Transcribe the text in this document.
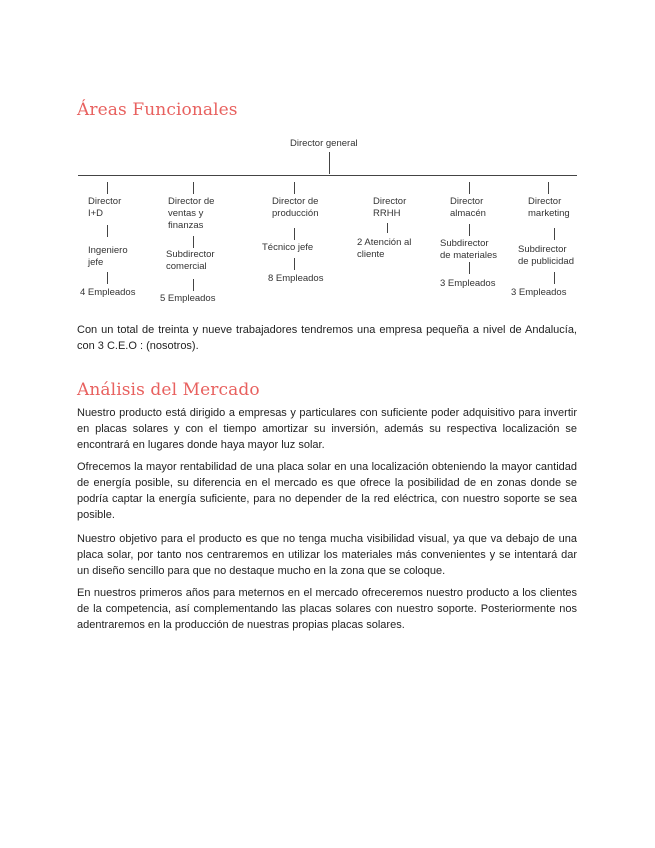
Áreas Funcionales
Director general
Director
I+D
Ingeniero
jefe
4 Empleados
Director de
ventas y
finanzas
Subdirector
comercial
5 Empleados
Director de
producción
Técnico jefe
8 Empleados
Director
RRHH
2 Atención al
cliente
Director
almacén
Subdirector
de materiales
3 Empleados
Director
marketing
Subdirector
de publicidad
3 Empleados

Con un total de treinta y nueve trabajadores tendremos una empresa pequeña a nivel de Andalucía, con 3 C.E.O : (nosotros).

Análisis del Mercado

Nuestro producto está dirigido a empresas y particulares con suficiente poder adquisitivo para invertir en placas solares y con el tiempo amortizar su inversión, además su respectiva localización se encontrará en lugares donde haya mayor luz solar.

Ofrecemos la mayor rentabilidad de una placa solar en una localización obteniendo la mayor cantidad de energía posible, su diferencia en el mercado es que ofrece la posibilidad de en zonas donde se podría captar la energía suficiente, para no depender de la red eléctrica, con nuestro soporte se sea posible.

Nuestro objetivo para el producto es que no tenga mucha visibilidad visual, ya que va debajo de una placa solar, por tanto nos centraremos en utilizar los materiales más convenientes y se intentará dar un diseño sencillo para que no destaque mucho en la zona que se coloque.

En nuestros primeros años para meternos en el mercado ofreceremos nuestro producto a los clientes de la competencia, así complementando las placas solares con nuestro soporte. Posteriormente nos adentraremos en la producción de nuestras propias placas solares.
